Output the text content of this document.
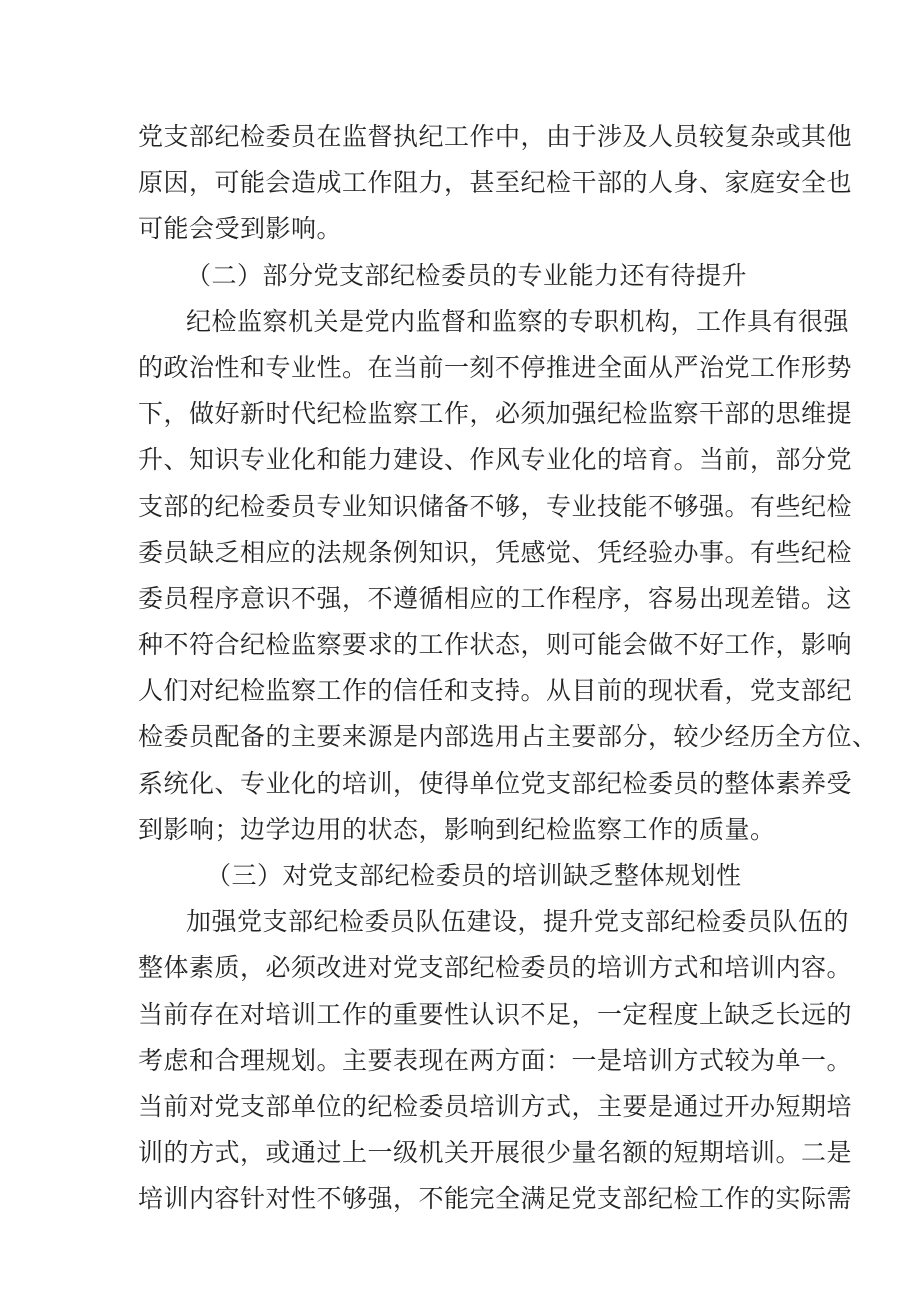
党支部纪检委员在监督执纪工作中，由于涉及人员较复杂或其他
原因，可能会造成工作阻力，甚至纪检干部的人身、家庭安全也
可能会受到影响。
（二）部分党支部纪检委员的专业能力还有待提升
纪检监察机关是党内监督和监察的专职机构，工作具有很强
的政治性和专业性。在当前一刻不停推进全面从严治党工作形势
下，做好新时代纪检监察工作，必须加强纪检监察干部的思维提
升、知识专业化和能力建设、作风专业化的培育。当前，部分党
支部的纪检委员专业知识储备不够，专业技能不够强。有些纪检
委员缺乏相应的法规条例知识，凭感觉、凭经验办事。有些纪检
委员程序意识不强，不遵循相应的工作程序，容易出现差错。这
种不符合纪检监察要求的工作状态，则可能会做不好工作，影响
人们对纪检监察工作的信任和支持。从目前的现状看，党支部纪
检委员配备的主要来源是内部选用占主要部分，较少经历全方位、
系统化、专业化的培训，使得单位党支部纪检委员的整体素养受
到影响；边学边用的状态，影响到纪检监察工作的质量。
（三）对党支部纪检委员的培训缺乏整体规划性
加强党支部纪检委员队伍建设，提升党支部纪检委员队伍的
整体素质，必须改进对党支部纪检委员的培训方式和培训内容。
当前存在对培训工作的重要性认识不足，一定程度上缺乏长远的
考虑和合理规划。主要表现在两方面：一是培训方式较为单一。
当前对党支部单位的纪检委员培训方式，主要是通过开办短期培
训的方式，或通过上一级机关开展很少量名额的短期培训。二是
培训内容针对性不够强，不能完全满足党支部纪检工作的实际需
